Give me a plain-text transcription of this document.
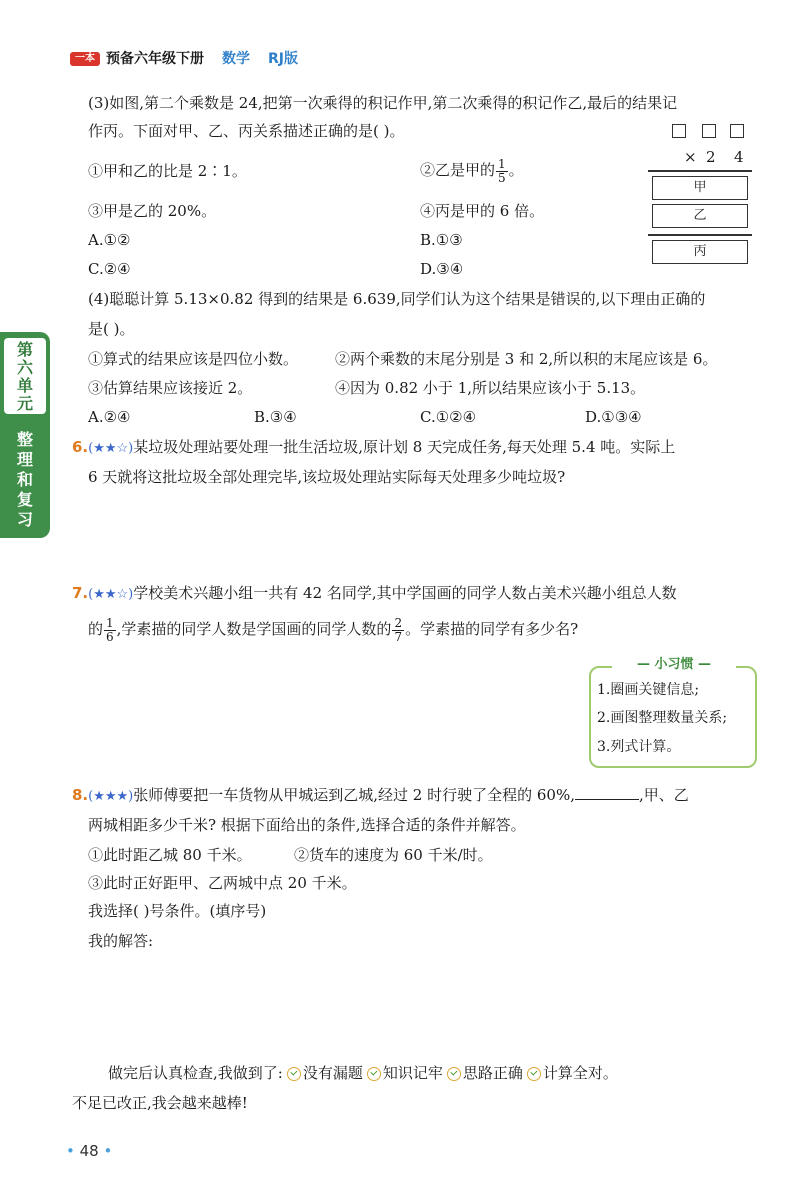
一本 预备六年级下册 数学 RJ版
第
六
单
元
整
理
和
复
习
(3)如图,第二个乘数是 24,把第一次乘得的积记作甲,第二次乘得的积记作乙,最后的结果记
作丙。下面对甲、乙、丙关系描述正确的是( )。
①甲和乙的比是 2∶1。	②乙是甲的 $\frac{1}{5}$ 。
③甲是乙的 20%。	④丙是甲的 6 倍。
A.①②	B.①③
C.②④	D.③④
× 2 4
甲
乙
丙
(4)聪聪计算 5.13×0.82 得到的结果是 6.639,同学们认为这个结果是错误的,以下理由正确的
是( )。
①算式的结果应该是四位小数。 ②两个乘数的末尾分别是 3 和 2,所以积的末尾应该是 6。
③估算结果应该接近 2。	④因为 0.82 小于 1,所以结果应该小于 5.13。
A.②④	B.③④	C.①②④	D.①③④
6.(★★☆)某垃圾处理站要处理一批生活垃圾,原计划 8 天完成任务,每天处理 5.4 吨。实际上
6 天就将这批垃圾全部处理完毕,该垃圾处理站实际每天处理多少吨垃圾?
7.(★★☆)学校美术兴趣小组一共有 42 名同学,其中学国画的同学人数占美术兴趣小组总人数
的 $\frac{1}{6}$ ,学素描的同学人数是学国画的同学人数的 $\frac{2}{7}$ 。学素描的同学有多少名?
— 小习惯 —
1.圈画关键信息;
2.画图整理数量关系;
3.列式计算。
8.(★★★)张师傅要把一车货物从甲城运到乙城,经过 2 时行驶了全程的 60%,	,甲、乙
两城相距多少千米? 根据下面给出的条件,选择合适的条件并解答。
①此时距乙城 80 千米。	②货车的速度为 60 千米/时。
③此时正好距甲、乙两城中点 20 千米。
我选择( )号条件。(填序号)
我的解答:
做完后认真检查,我做到了: 没有漏题 知识记牢 思路正确 计算全对。
不足已改正,我会越来越棒!
• 48 •
